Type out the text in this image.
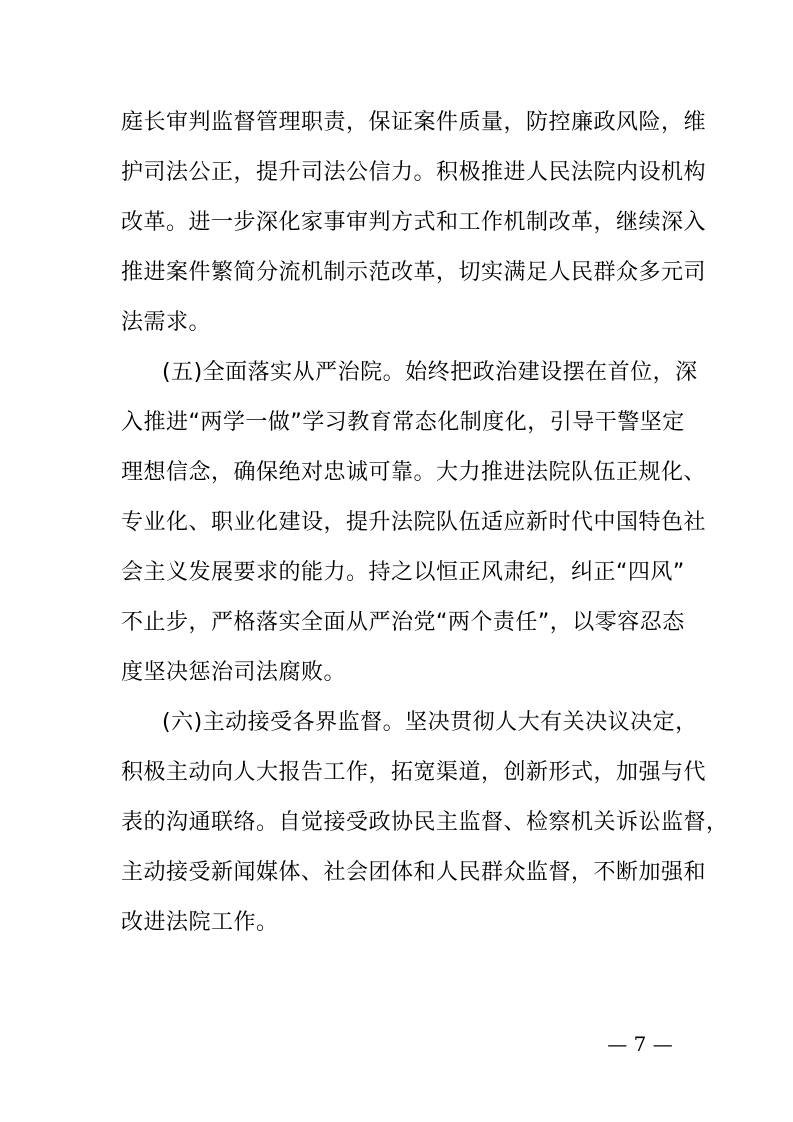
庭长审判监督管理职责，保证案件质量，防控廉政风险，维
护司法公正，提升司法公信力。积极推进人民法院内设机构
改革。进一步深化家事审判方式和工作机制改革，继续深入
推进案件繁简分流机制示范改革，切实满足人民群众多元司
法需求。
(五)全面落实从严治院。始终把政治建设摆在首位，深
入推进“两学一做”学习教育常态化制度化，引导干警坚定
理想信念，确保绝对忠诚可靠。大力推进法院队伍正规化、
专业化、职业化建设，提升法院队伍适应新时代中国特色社
会主义发展要求的能力。持之以恒正风肃纪，纠正“四风”
不止步，严格落实全面从严治党“两个责任”，以零容忍态
度坚决惩治司法腐败。
(六)主动接受各界监督。坚决贯彻人大有关决议决定，
积极主动向人大报告工作，拓宽渠道，创新形式，加强与代
表的沟通联络。自觉接受政协民主监督、检察机关诉讼监督，
主动接受新闻媒体、社会团体和人民群众监督，不断加强和
改进法院工作。
— 7 —
